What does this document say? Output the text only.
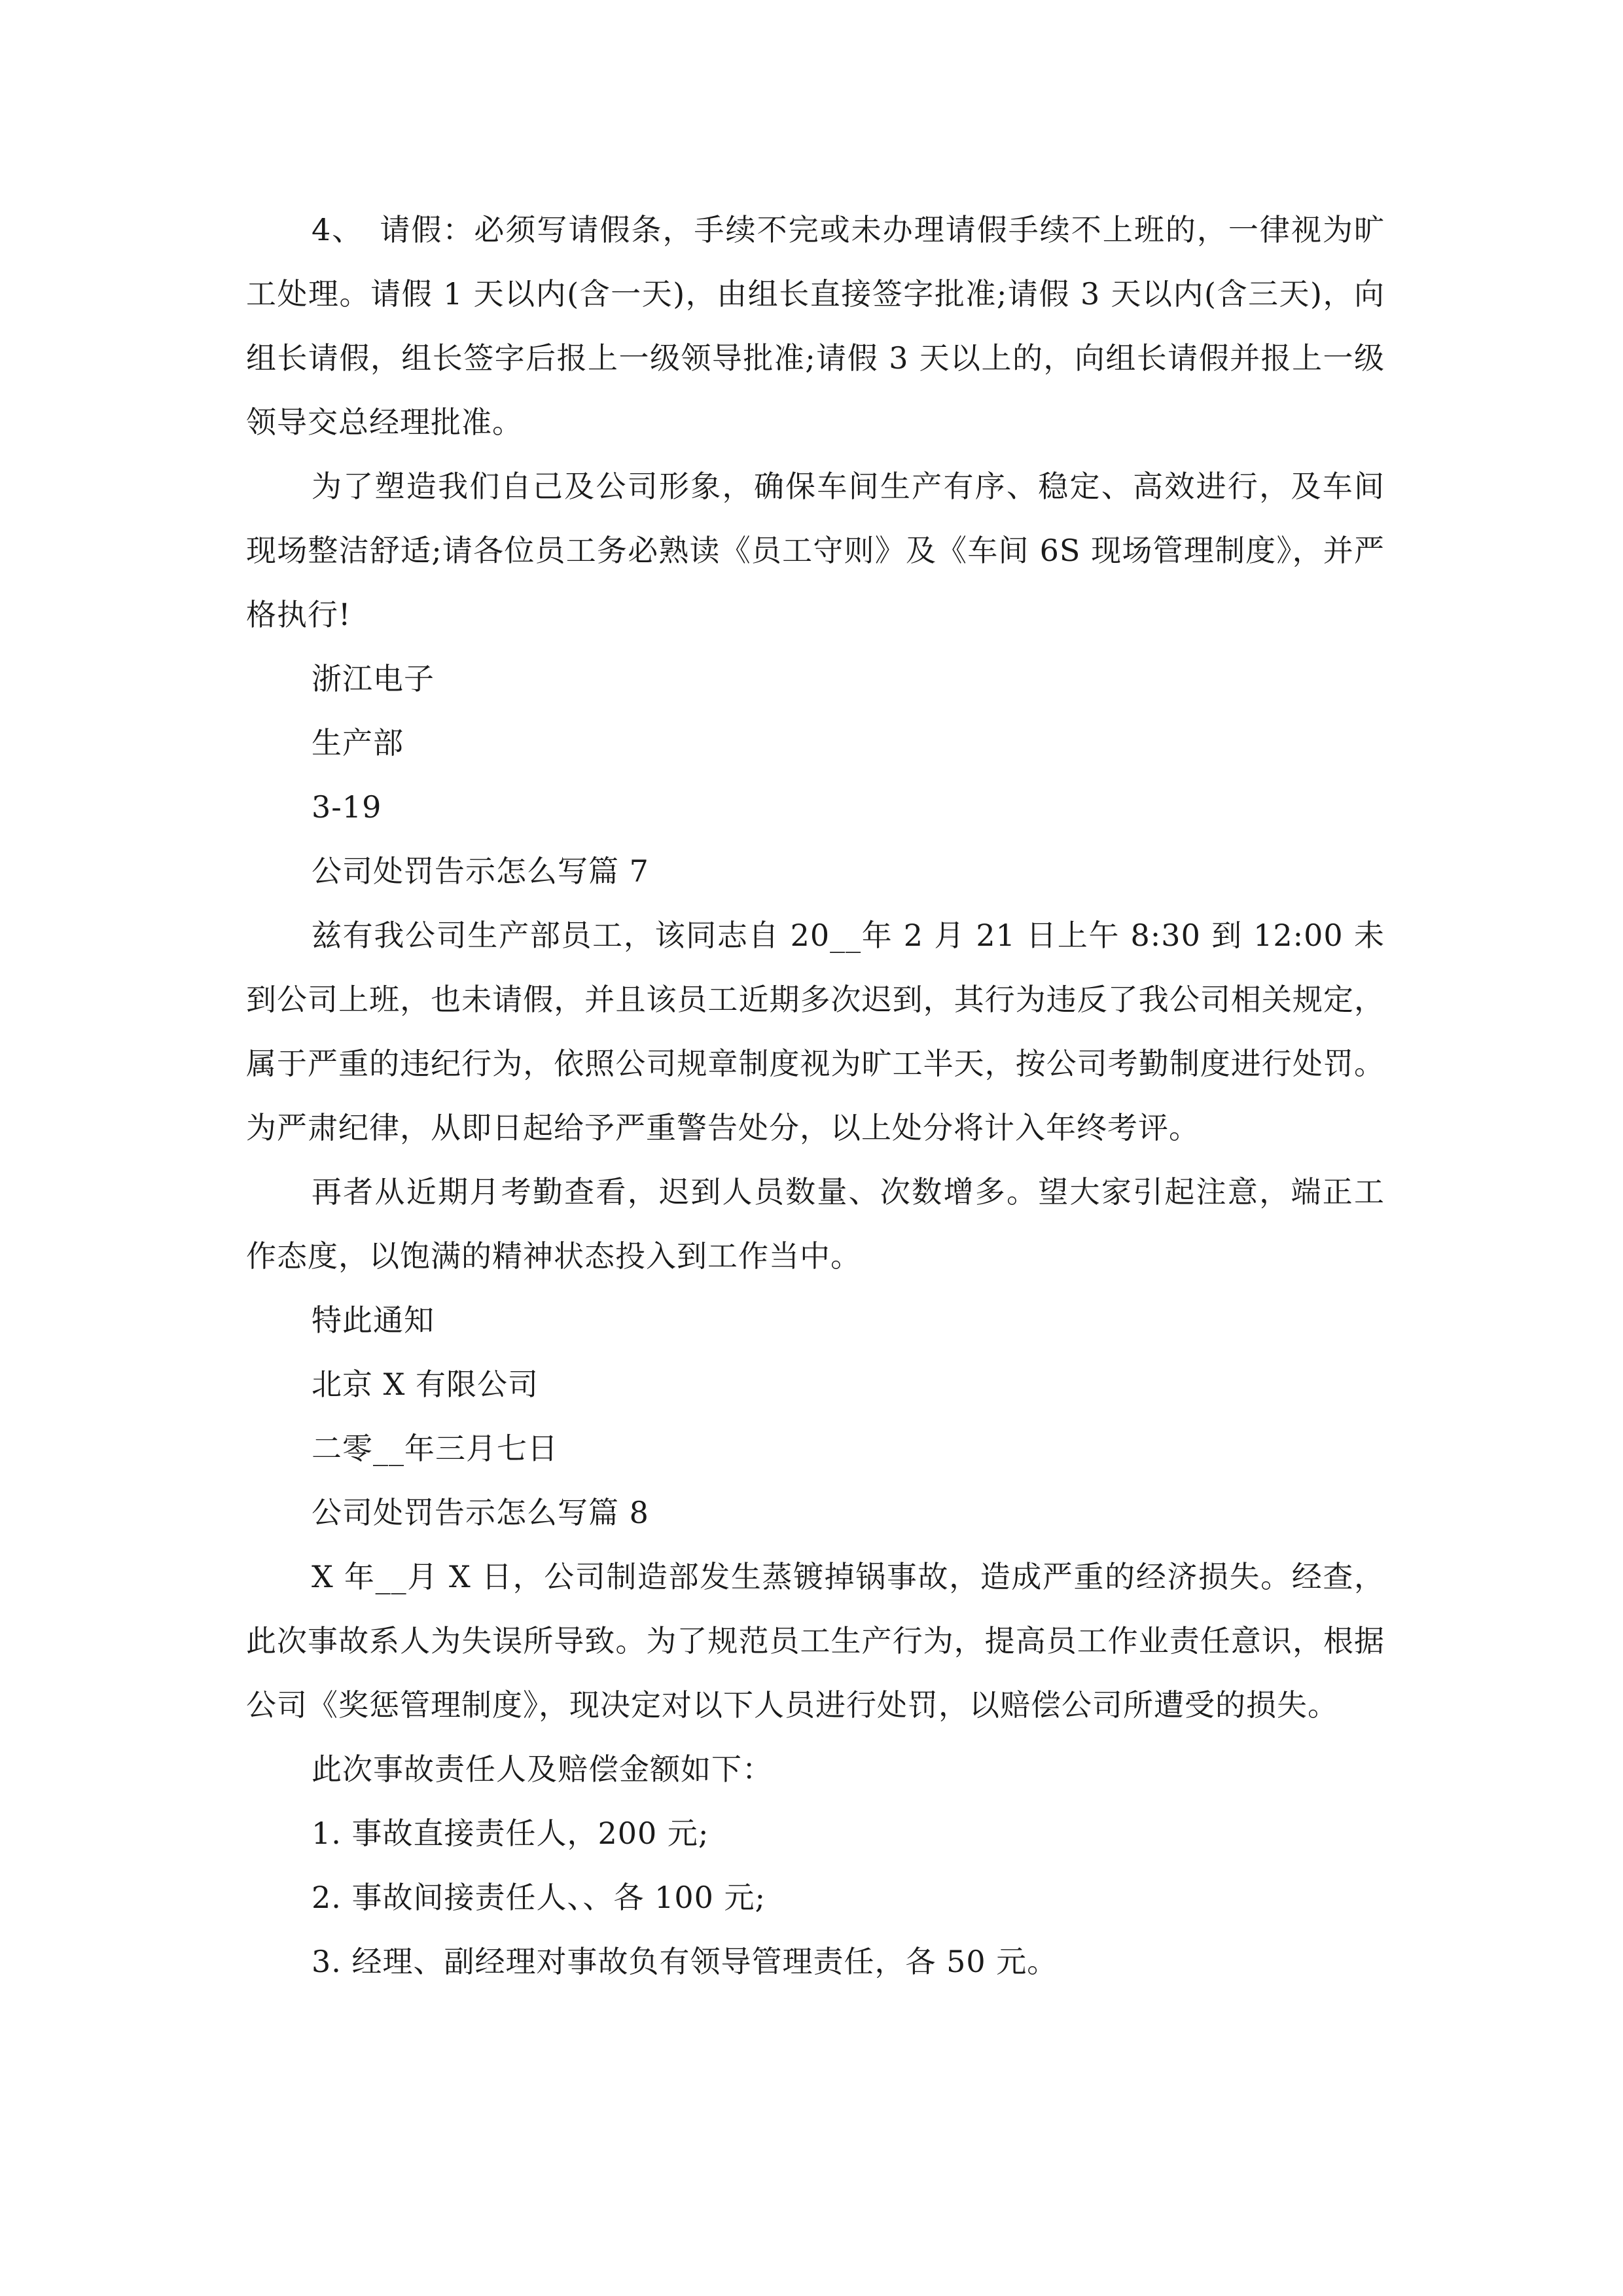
4、　请假：必须写请假条，手续不完或未办理请假手续不上班的，一律视为旷工处理。请假 1 天以内(含一天)，由组长直接签字批准;请假 3 天以内(含三天)，向组长请假，组长签字后报上一级领导批准;请假 3 天以上的，向组长请假并报上一级领导交总经理批准。

为了塑造我们自己及公司形象，确保车间生产有序、稳定、高效进行，及车间现场整洁舒适;请各位员工务必熟读《员工守则》及《车间 6S 现场管理制度》，并严格执行!

浙江电子

生产部

3-19

公司处罚告示怎么写篇 7

兹有我公司生产部员工，该同志自 20__年 2 月 21 日上午 8:30 到 12:00 未到公司上班，也未请假，并且该员工近期多次迟到，其行为违反了我公司相关规定，属于严重的违纪行为，依照公司规章制度视为旷工半天，按公司考勤制度进行处罚。为严肃纪律，从即日起给予严重警告处分，以上处分将计入年终考评。

再者从近期月考勤查看，迟到人员数量、次数增多。望大家引起注意，端正工作态度，以饱满的精神状态投入到工作当中。

特此通知

北京 X 有限公司

二零__年三月七日

公司处罚告示怎么写篇 8

X 年__月 X 日，公司制造部发生蒸镀掉锅事故，造成严重的经济损失。经查，此次事故系人为失误所导致。为了规范员工生产行为，提高员工作业责任意识，根据公司《奖惩管理制度》，现决定对以下人员进行处罚，以赔偿公司所遭受的损失。

此次事故责任人及赔偿金额如下：

1. 事故直接责任人，200 元;

2. 事故间接责任人、、各 100 元;

3. 经理、副经理对事故负有领导管理责任，各 50 元。
